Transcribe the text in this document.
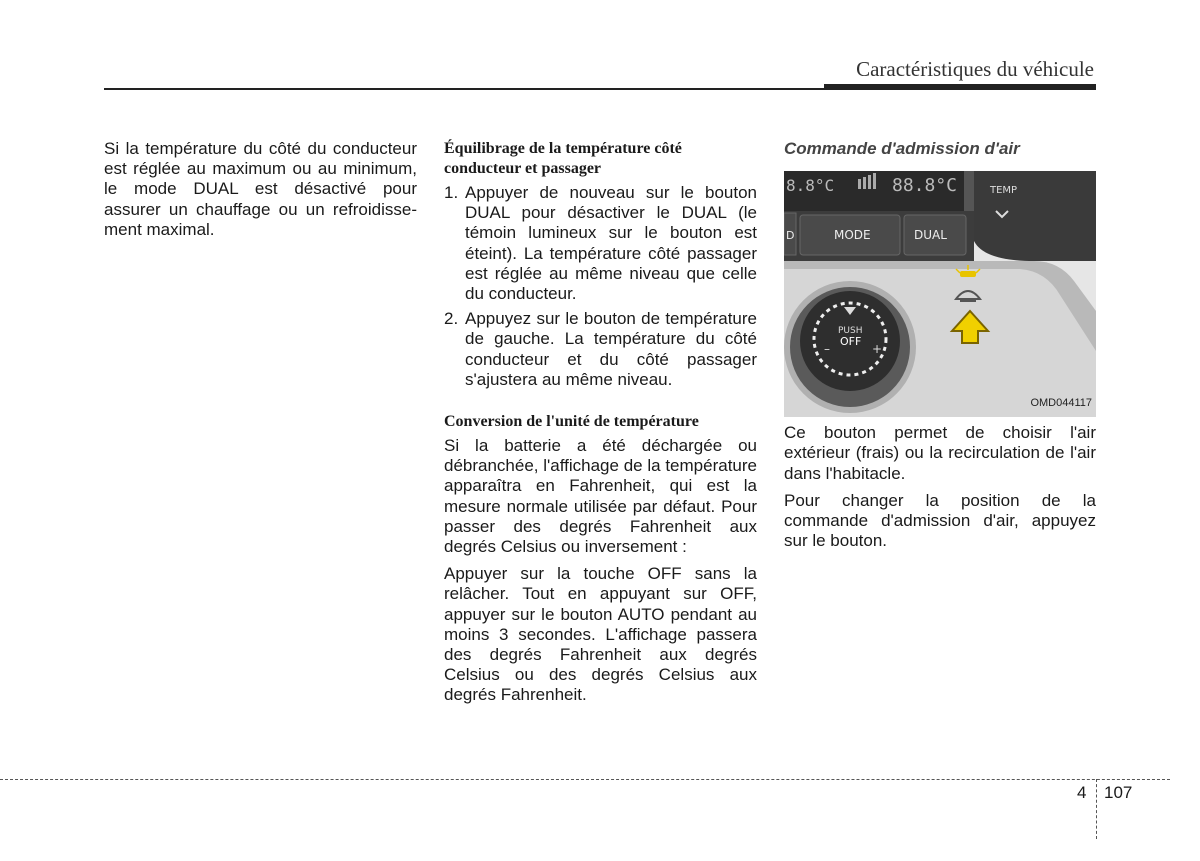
Caractéristiques du véhicule

Si la température du côté du conducteur est réglée au maximum ou au minimum, le mode DUAL est désactivé pour assurer un chauffage ou un refroidisse-ment maximal.

Équilibrage de la température côté conducteur et passager
1. Appuyer de nouveau sur le bouton DUAL pour désactiver le DUAL (le témoin lumineux sur le bouton est éteint). La température côté passager est réglée au même niveau que celle du conducteur.
2. Appuyez sur le bouton de température de gauche. La température du côté conducteur et du côté passager s'ajustera au même niveau.
Conversion de l'unité de température

Si la batterie a été déchargée ou débranchée, l'affichage de la température apparaîtra en Fahrenheit, qui est la mesure normale utilisée par défaut. Pour passer des degrés Fahrenheit aux degrés Celsius ou inversement :

Appuyer sur la touche OFF sans la relâcher. Tout en appuyant sur OFF, appuyer sur le bouton AUTO pendant au moins 3 secondes. L'affichage passera des degrés Fahrenheit aux degrés Celsius ou des degrés Celsius aux degrés Fahrenheit.

Commande d'admission d'air
8.8°C	88.8°C
D	MODE	DUAL
TEMP
PUSH
OFF
–	+
OMD044117

Ce bouton permet de choisir l'air extérieur (frais) ou la recirculation de l'air dans l'habitacle.

Pour changer la position de la commande d'admission d'air, appuyez sur le bouton.

4 107
